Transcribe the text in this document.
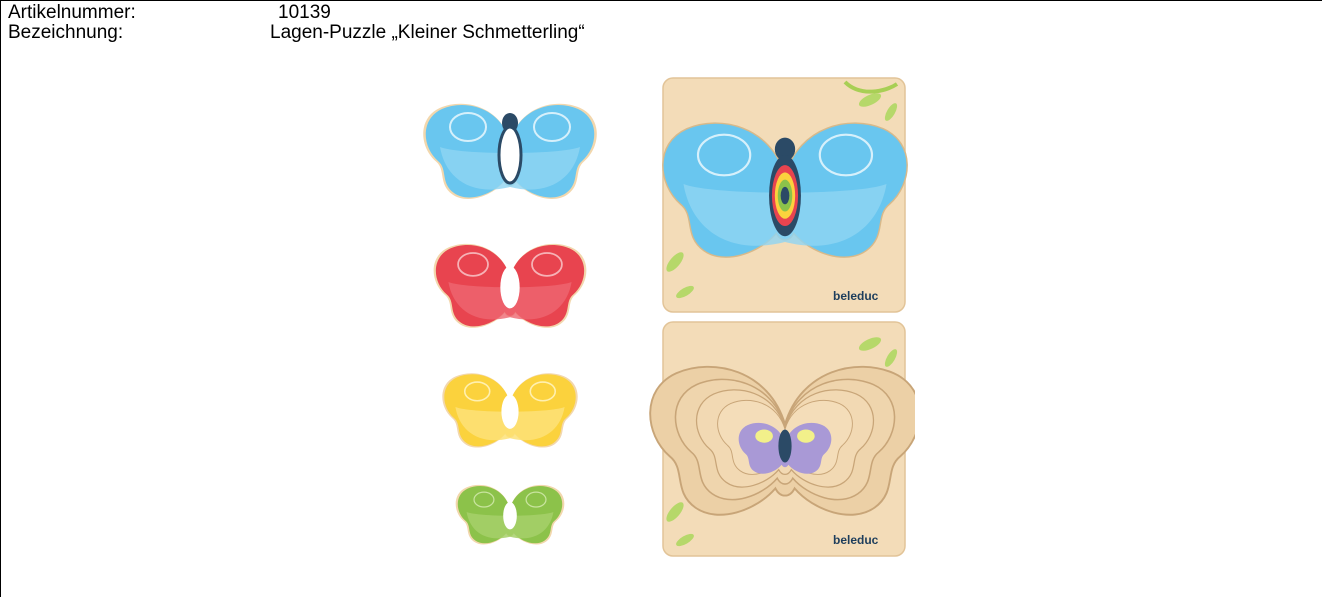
Artikelnummer:	10139
Bezeichnung:	Lagen-Puzzle „Kleiner Schmetterling“
beleduc
beleduc
